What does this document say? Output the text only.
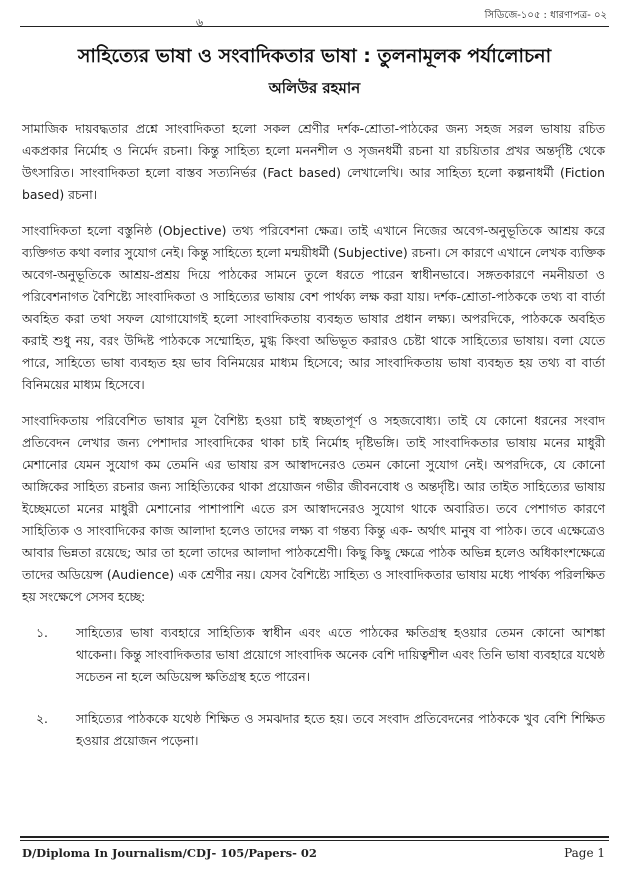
৬
সিডিজে-১০৫ : ধারণাপত্র- ০২
সাহিত্যের ভাষা ও সংবাদিকতার ভাষা : তুলনামূলক পর্যালোচনা
অলিউর রহমান

সামাজিক দায়বদ্ধতার প্রশ্নে সাংবাদিকতা হলো সকল শ্রেণীর দর্শক-শ্রোতা-পাঠকের জন্য সহজ সরল ভাষায় রচিত একপ্রকার নির্মোহ ও নির্মেদ রচনা। কিন্তু সাহিত্য হলো মননশীল ও সৃজনধর্মী রচনা যা রচয়িতার প্রখর অন্তর্দৃষ্টি থেকে উৎসারিত। সাংবাদিকতা হলো বাস্তব সত্যনির্ভর (Fact based) লেখালেখি। আর সাহিত্য হলো কল্পনাধর্মী (Fiction based) রচনা।

সাংবাদিকতা হলো বস্তুনিষ্ঠ (Objective) তথ্য পরিবেশনা ক্ষেত্র। তাই এখানে নিজের অবেগ-অনুভূতিকে আশ্রয় করে ব্যক্তিগত কথা বলার সুযোগ নেই। কিন্তু সাহিত্যে হলো মন্ময়ীধর্মী (Subjective) রচনা। সে কারণে এখানে লেখক ব্যক্তিক অবেগ-অনুভূতিকে আশ্রয়-প্রশ্রয় দিয়ে পাঠকের সামনে তুলে ধরতে পারেন স্বাধীনভাবে। সঙ্গতকারণে নমনীয়তা ও পরিবেশনাগত বৈশিষ্ট্যে সাংবাদিকতা ও সাহিত্যের ভাষায় বেশ পার্থক্য লক্ষ করা যায়। দর্শক-শ্রোতা-পাঠককে তথ্য বা বার্তা অবহিত করা তথা সফল যোগাযোগই হলো সাংবাদিকতায় ব্যবহৃত ভাষার প্রধান লক্ষ্য। অপরদিকে, পাঠককে অবহিত করাই শুধু নয়, বরং উদ্দিষ্ট পাঠককে সম্মোহিত, মুগ্ধ কিংবা অভিভূত করারও চেষ্টা থাকে সাহিত্যের ভাষায়। বলা যেতে পারে, সাহিত্যে ভাষা ব্যবহৃত হয় ভাব বিনিময়ের মাধ্যম হিসেবে; আর সাংবাদিকতায় ভাষা ব্যবহৃত হয় তথ্য বা বার্তা বিনিময়ের মাধ্যম হিসেবে।

সাংবাদিকতায় পরিবেশিত ভাষার মূল বৈশিষ্ট্য হওয়া চাই স্বচ্ছতাপূর্ণ ও সহজবোধ্য। তাই যে কোনো ধরনের সংবাদ প্রতিবেদন লেখার জন্য পেশাদার সাংবাদিকের থাকা চাই নির্মোহ দৃষ্টিভঙ্গি। তাই সাংবাদিকতার ভাষায় মনের মাধুরী মেশানোর যেমন সুযোগ কম তেমনি এর ভাষায় রস আস্বাদনেরও তেমন কোনো সুযোগ নেই। অপরদিকে, যে কোনো আঙ্গিকের সাহিত্য রচনার জন্য সাহিত্যিকের থাকা প্রয়োজন গভীর জীবনবোধ ও অন্তর্দৃষ্টি। আর তাইত সাহিত্যের ভাষায় ইচ্ছেমতো মনের মাধুরী মেশানোর পাশাপাশি এতে রস আস্বাদনেরও সুযোগ থাকে অবারিত। তবে পেশাগত কারণে সাহিত্যিক ও সাংবাদিকের কাজ আলাদা হলেও তাদের লক্ষ্য বা গন্তব্য কিন্তু এক- অর্থাৎ মানুষ বা পাঠক। তবে এক্ষেত্রেও আবার ভিন্নতা রয়েছে; আর তা হলো তাদের আলাদা পাঠকশ্রেণী। কিছু কিছু ক্ষেত্রে পাঠক অভিন্ন হলেও অধিকাংশক্ষেত্রে তাদের অডিয়েন্স (Audience) এক শ্রেণীর নয়। যেসব বৈশিষ্ট্যে সাহিত্য ও সাংবাদিকতার ভাষায় মধ্যে পার্থক্য পরিলক্ষিত হয় সংক্ষেপে সেসব হচ্ছে:

১.	সাহিত্যের ভাষা ব্যবহারে সাহিত্যিক স্বাধীন এবং এতে পাঠকের ক্ষতিগ্রস্থ হওয়ার তেমন কোনো আশঙ্কা থাকেনা। কিন্তু সাংবাদিকতার ভাষা প্রয়োগে সাংবাদিক অনেক বেশি দায়িত্বশীল এবং তিনি ভাষা ব্যবহারে যথেষ্ঠ সচেতন না হলে অডিয়েন্স ক্ষতিগ্রস্থ হতে পারেন।
২.	সাহিত্যের পাঠককে যথেষ্ঠ শিক্ষিত ও সমঝদার হতে হয়। তবে সংবাদ প্রতিবেদনের পাঠককে খুব বেশি শিক্ষিত হওয়ার প্রয়োজন পড়েনা।
D/Diploma In Journalism/CDJ- 105/Papers- 02	Page 1
